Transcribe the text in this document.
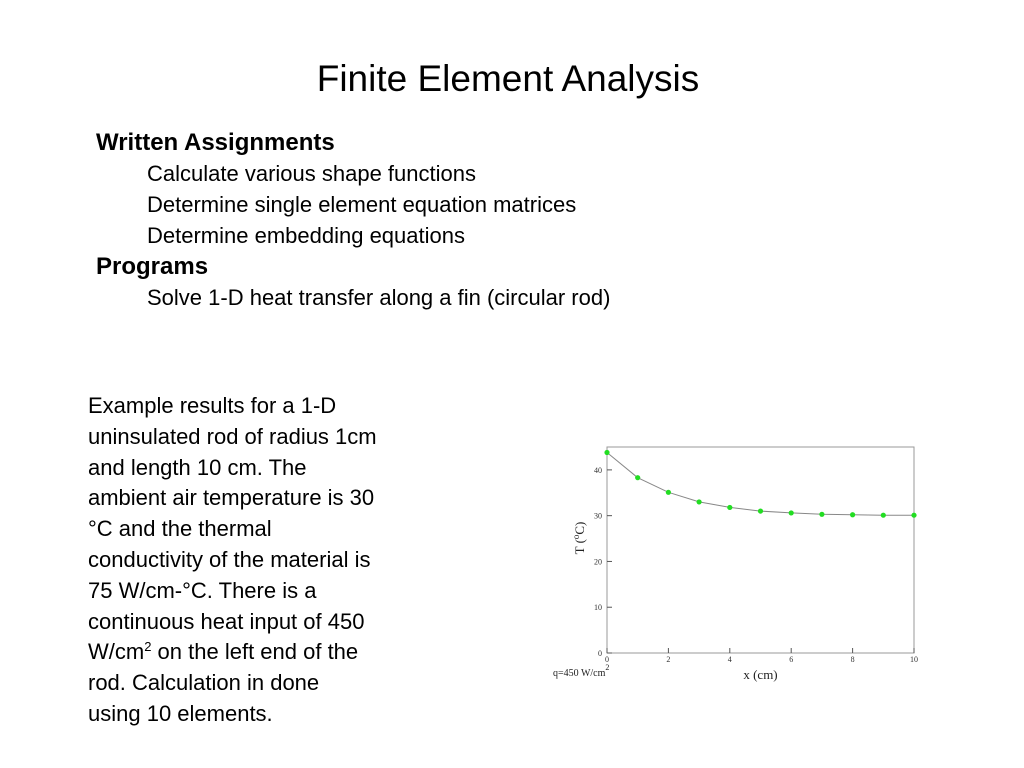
Finite Element Analysis
Written Assignments
Calculate various shape functions
Determine single element equation matrices
Determine embedding equations
Programs
Solve 1-D heat transfer along a fin (circular rod)
Example results for a 1-D
uninsulated rod of radius 1cm
and length 10 cm. The
ambient air temperature is 30
°C and the thermal
conductivity of the material is
75 W/cm-°C. There is a
continuous heat input of 450
$W/cm^2$ on the left end of the
rod. Calculation in done
using 10 elements.
0
10
20
30
40
0	2	4	6	8	10
x (cm)
T ($^o$C)
q=450 $W/cm^2$
